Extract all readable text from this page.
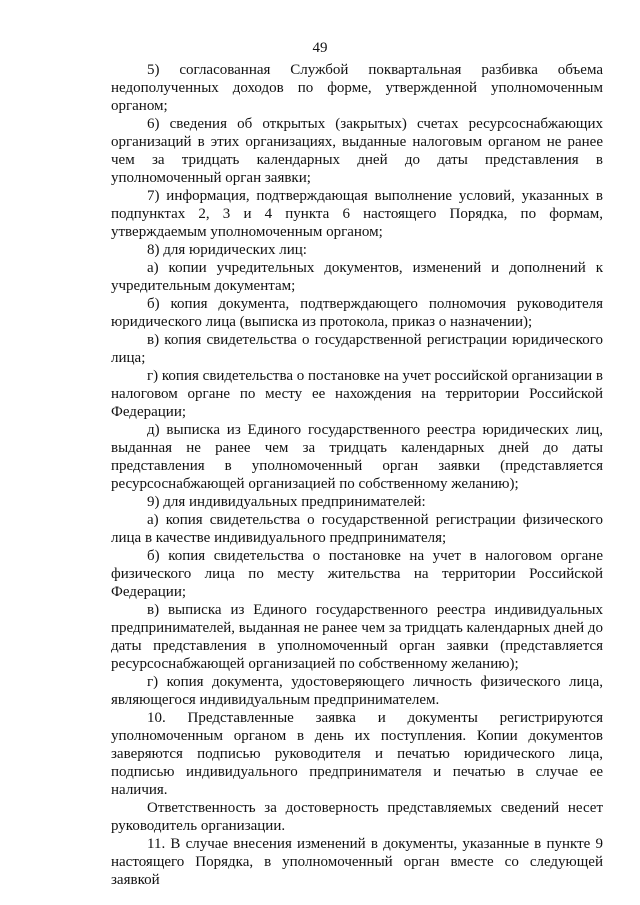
49

5) согласованная Службой поквартальная разбивка объема недополученных доходов по форме, утвержденной уполномоченным органом;

6) сведения об открытых (закрытых) счетах ресурсоснабжающих организаций в этих организациях, выданные налоговым органом не ранее чем за тридцать календарных дней до даты представления в уполномоченный орган заявки;

7) информация, подтверждающая выполнение условий, указанных в подпунктах 2, 3 и 4 пункта 6 настоящего Порядка, по формам, утверждаемым уполномоченным органом;

8) для юридических лиц:

а) копии учредительных документов, изменений и дополнений к учредительным документам;

б) копия документа, подтверждающего полномочия руководителя юридического лица (выписка из протокола, приказ о назначении);

в) копия свидетельства о государственной регистрации юридического лица;

г) копия свидетельства о постановке на учет российской организации в налоговом органе по месту ее нахождения на территории Российской Федерации;

д) выписка из Единого государственного реестра юридических лиц, выданная не ранее чем за тридцать календарных дней до даты представления в уполномоченный орган заявки (представляется ресурсоснабжающей организацией по собственному желанию);

9) для индивидуальных предпринимателей:

а) копия свидетельства о государственной регистрации физического лица в качестве индивидуального предпринимателя;

б) копия свидетельства о постановке на учет в налоговом органе физического лица по месту жительства на территории Российской Федерации;

в) выписка из Единого государственного реестра индивидуальных предпринимателей, выданная не ранее чем за тридцать календарных дней до даты представления в уполномоченный орган заявки (представляется ресурсоснабжающей организацией по собственному желанию);

г) копия документа, удостоверяющего личность физического лица, являющегося индивидуальным предпринимателем.

10. Представленные заявка и документы регистрируются уполномоченным органом в день их поступления. Копии документов заверяются подписью руководителя и печатью юридического лица, подписью индивидуального предпринимателя и печатью в случае ее наличия.

Ответственность за достоверность представляемых сведений несет руководитель организации.

11. В случае внесения изменений в документы, указанные в пункте 9 настоящего Порядка, в уполномоченный орган вместе со следующей заявкой
